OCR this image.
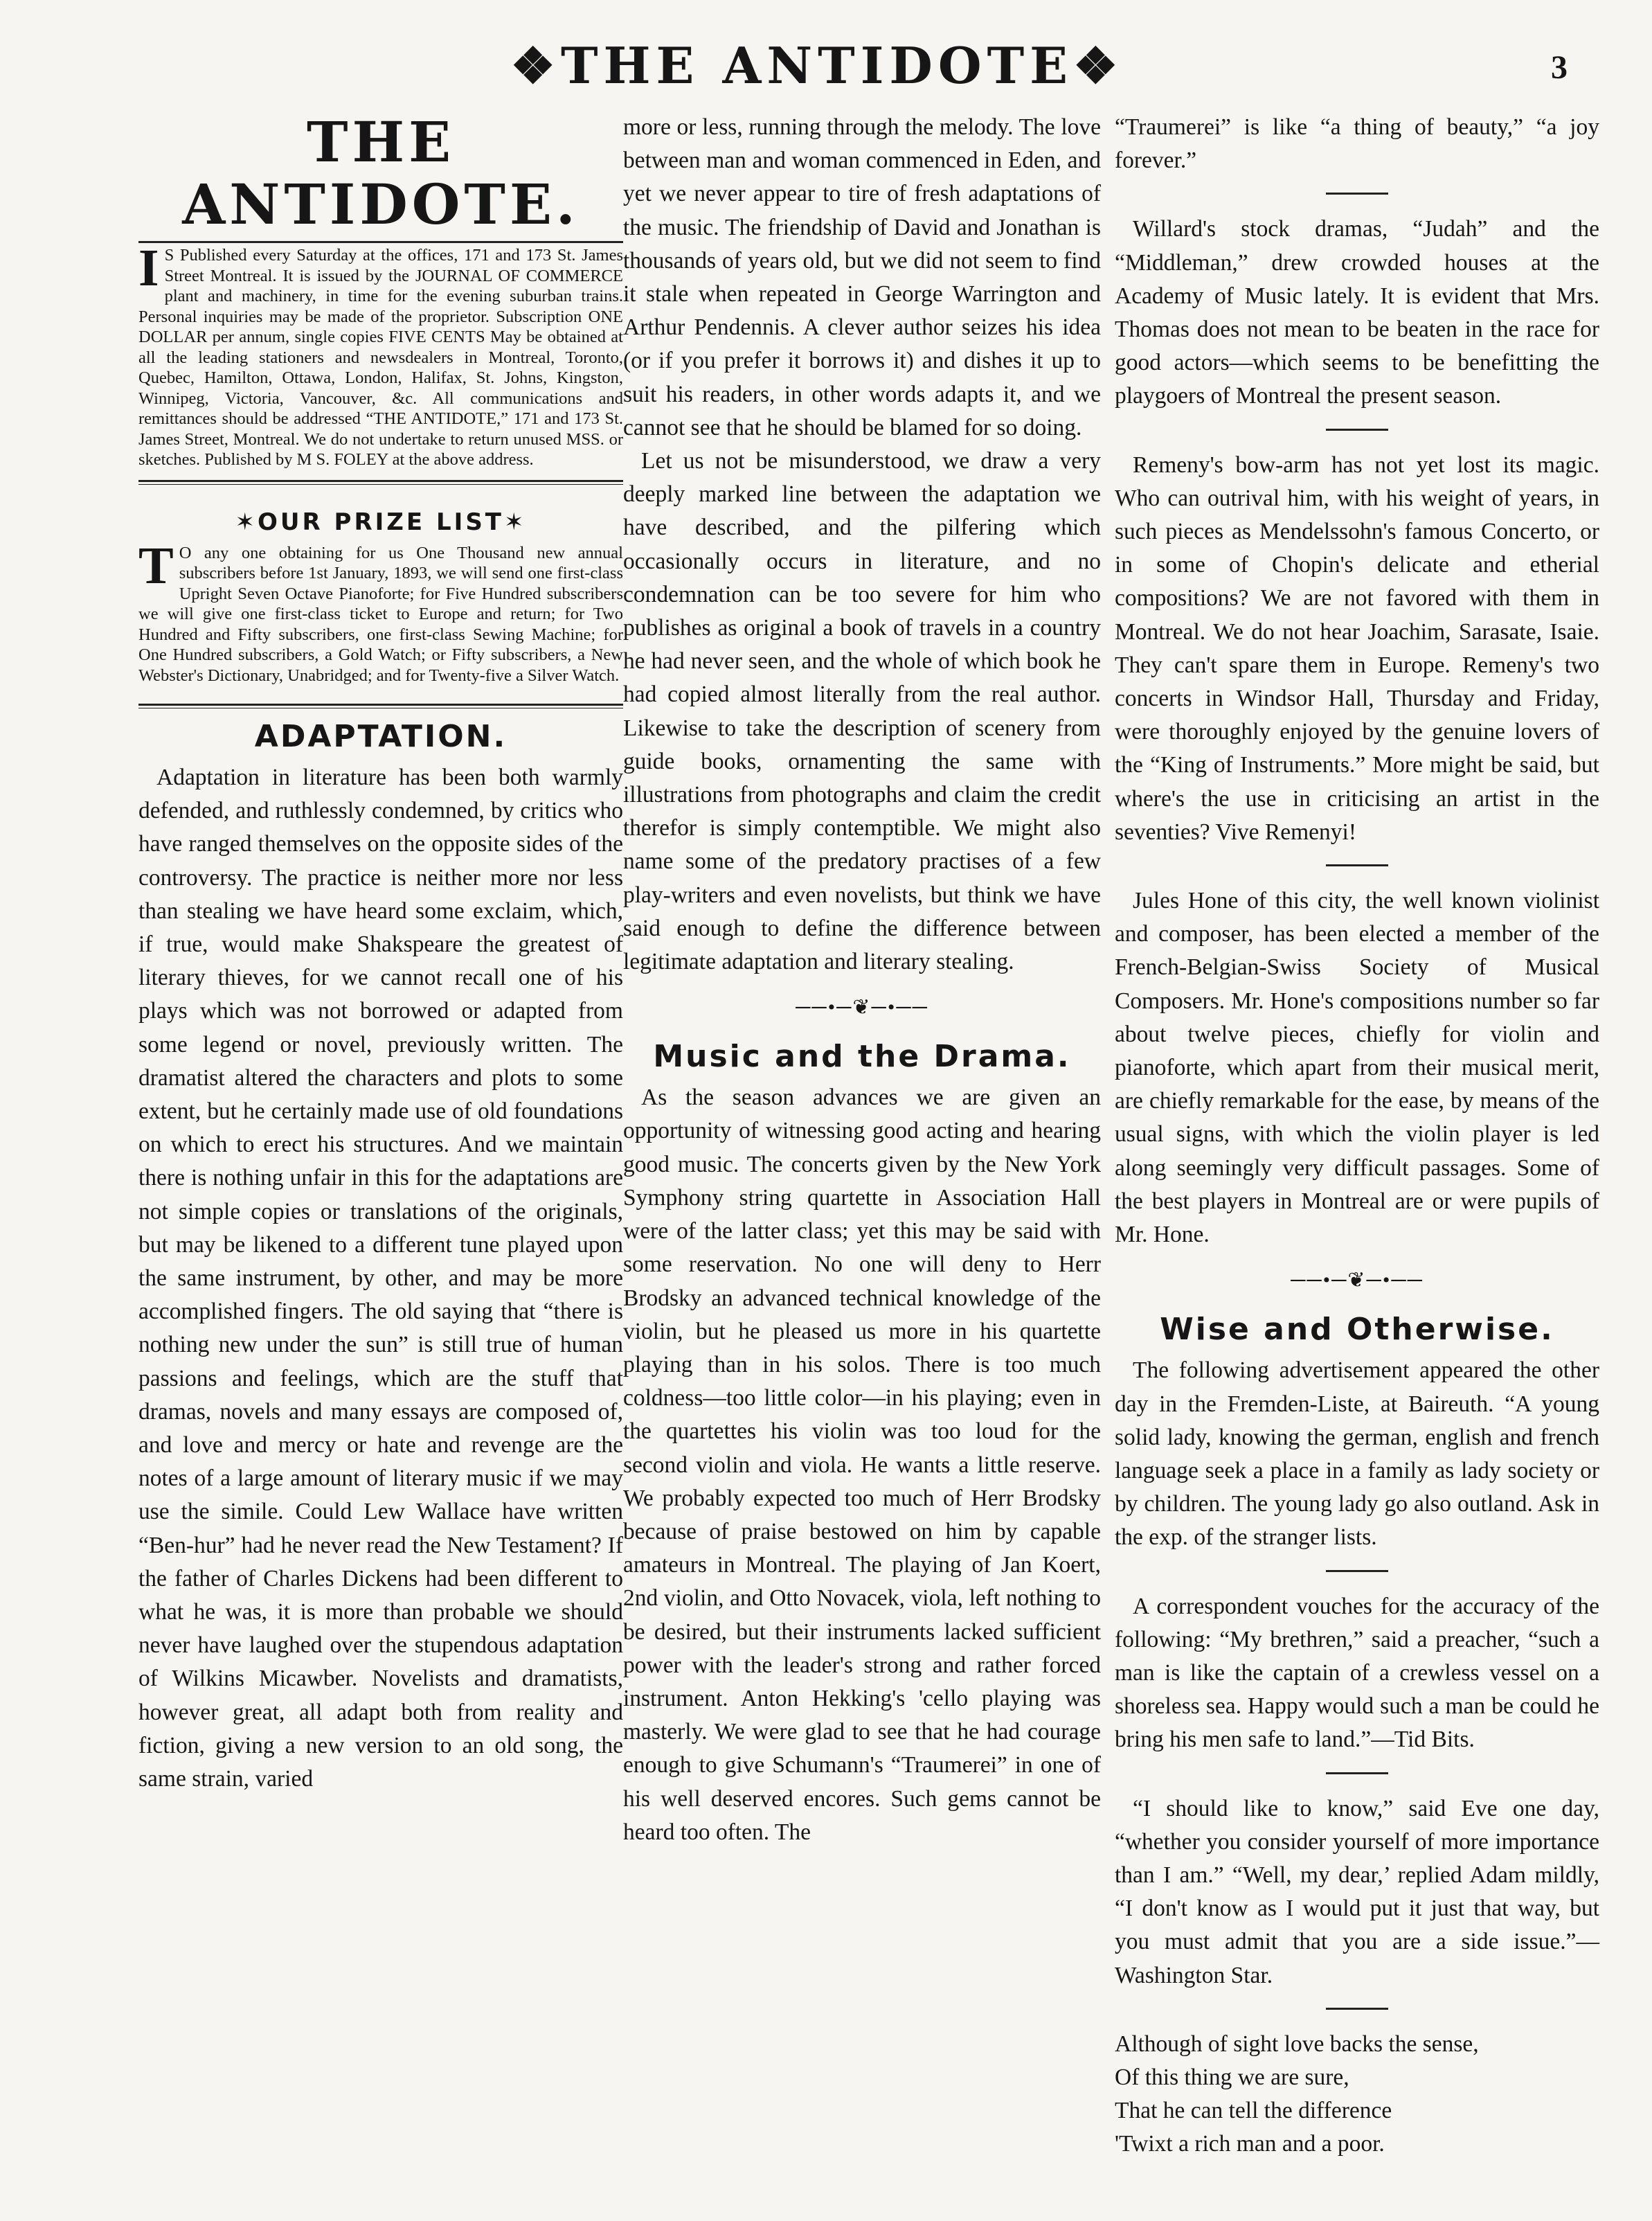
❖THE ANTIDOTE❖	3
THE ANTIDOTE.

I S Published every Saturday at the offices, 171 and 173 St. James Street Montreal. It is issued by the JOURNAL OF COMMERCE plant and machinery, in time for the evening suburban trains. Personal inquiries may be made of the proprietor. Subscription ONE DOLLAR per annum, single copies FIVE CENTS May be obtained at all the leading stationers and newsdealers in Montreal, Toronto, Quebec, Hamilton, Ottawa, London, Halifax, St. Johns, Kingston, Winnipeg, Victoria, Vancouver, &c. All communications and remittances should be addressed “THE ANTIDOTE,” 171 and 173 St. James Street, Montreal. We do not undertake to return unused MSS. or sketches. Published by M S. FOLEY at the above address.

✶OUR PRIZE LIST✶

T O any one obtaining for us One Thousand new annual subscribers before 1st January, 1893, we will send one first-class Upright Seven Octave Pianoforte; for Five Hundred subscribers we will give one first-class ticket to Europe and return; for Two Hundred and Fifty subscribers, one first-class Sewing Machine; for One Hundred subscribers, a Gold Watch; or Fifty subscribers, a New Webster's Dictionary, Unabridged; and for Twenty-five a Silver Watch.

ADAPTATION.

Adaptation in literature has been both warmly defended, and ruthlessly condemned, by critics who have ranged themselves on the opposite sides of the controversy. The practice is neither more nor less than stealing we have heard some exclaim, which, if true, would make Shakspeare the greatest of literary thieves, for we cannot recall one of his plays which was not borrowed or adapted from some legend or novel, previously written. The dramatist altered the characters and plots to some extent, but he certainly made use of old foundations on which to erect his structures. And we maintain there is nothing unfair in this for the adaptations are not simple copies or translations of the originals, but may be likened to a different tune played upon the same instrument, by other, and may be more accomplished fingers. The old saying that “there is nothing new under the sun” is still true of human passions and feelings, which are the stuff that dramas, novels and many essays are composed of, and love and mercy or hate and revenge are the notes of a large amount of literary music if we may use the simile. Could Lew Wallace have written “Ben-hur” had he never read the New Testament? If the father of Charles Dickens had been different to what he was, it is more than probable we should never have laughed over the stupendous adaptation of Wilkins Micawber. Novelists and dramatists, however great, all adapt both from reality and fiction, giving a new version to an old song, the same strain, varied

more or less, running through the melody. The love between man and woman commenced in Eden, and yet we never appear to tire of fresh adaptations of the music. The friendship of David and Jonathan is thousands of years old, but we did not seem to find it stale when repeated in George Warrington and Arthur Pendennis. A clever author seizes his idea (or if you prefer it borrows it) and dishes it up to suit his readers, in other words adapts it, and we cannot see that he should be blamed for so doing.

Let us not be misunderstood, we draw a very deeply marked line between the adaptation we have described, and the pilfering which occasionally occurs in literature, and no condemnation can be too severe for him who publishes as original a book of travels in a country he had never seen, and the whole of which book he had copied almost literally from the real author. Likewise to take the description of scenery from guide books, ornamenting the same with illustrations from photographs and claim the credit therefor is simply contemptible. We might also name some of the predatory practises of a few play-writers and even novelists, but think we have said enough to define the difference between legitimate adaptation and literary stealing.

──•─❦─•──
Music and the Drama.

As the season advances we are given an opportunity of witnessing good acting and hearing good music. The concerts given by the New York Symphony string quartette in Association Hall were of the latter class; yet this may be said with some reservation. No one will deny to Herr Brodsky an advanced technical knowledge of the violin, but he pleased us more in his quartette playing than in his solos. There is too much coldness—too little color—in his playing; even in the quartettes his violin was too loud for the second violin and viola. He wants a little reserve. We probably expected too much of Herr Brodsky because of praise bestowed on him by capable amateurs in Montreal. The playing of Jan Koert, 2nd violin, and Otto Novacek, viola, left nothing to be desired, but their instruments lacked sufficient power with the leader's strong and rather forced instrument. Anton Hekking's 'cello playing was masterly. We were glad to see that he had courage enough to give Schumann's “Traumerei” in one of his well deserved encores. Such gems cannot be heard too often. The

“Traumerei” is like “a thing of beauty,” “a joy forever.”

Willard's stock dramas, “Judah” and the “Middleman,” drew crowded houses at the Academy of Music lately. It is evident that Mrs. Thomas does not mean to be beaten in the race for good actors—which seems to be benefitting the playgoers of Montreal the present season.

Remeny's bow-arm has not yet lost its magic. Who can outrival him, with his weight of years, in such pieces as Mendelssohn's famous Concerto, or in some of Chopin's delicate and etherial compositions? We are not favored with them in Montreal. We do not hear Joachim, Sarasate, Isaie. They can't spare them in Europe. Remeny's two concerts in Windsor Hall, Thursday and Friday, were thoroughly enjoyed by the genuine lovers of the “King of Instruments.” More might be said, but where's the use in criticising an artist in the seventies? Vive Remenyi!

Jules Hone of this city, the well known violinist and composer, has been elected a member of the French-Belgian-Swiss Society of Musical Composers. Mr. Hone's compositions number so far about twelve pieces, chiefly for violin and pianoforte, which apart from their musical merit, are chiefly remarkable for the ease, by means of the usual signs, with which the violin player is led along seemingly very difficult passages. Some of the best players in Montreal are or were pupils of Mr. Hone.

──•─❦─•──
Wise and Otherwise.

The following advertisement appeared the other day in the Fremden-Liste, at Baireuth. “A young solid lady, knowing the german, english and french language seek a place in a family as lady society or by children. The young lady go also outland. Ask in the exp. of the stranger lists.

A correspondent vouches for the accuracy of the following: “My brethren,” said a preacher, “such a man is like the captain of a crewless vessel on a shoreless sea. Happy would such a man be could he bring his men safe to land.”—Tid Bits.

“I should like to know,” said Eve one day, “whether you consider yourself of more importance than I am.” “Well, my dear,’ replied Adam mildly, “I don't know as I would put it just that way, but you must admit that you are a side issue.”—Washington Star.

Although of sight love backs the sense,

Of this thing we are sure,

That he can tell the difference

'Twixt a rich man and a poor.
